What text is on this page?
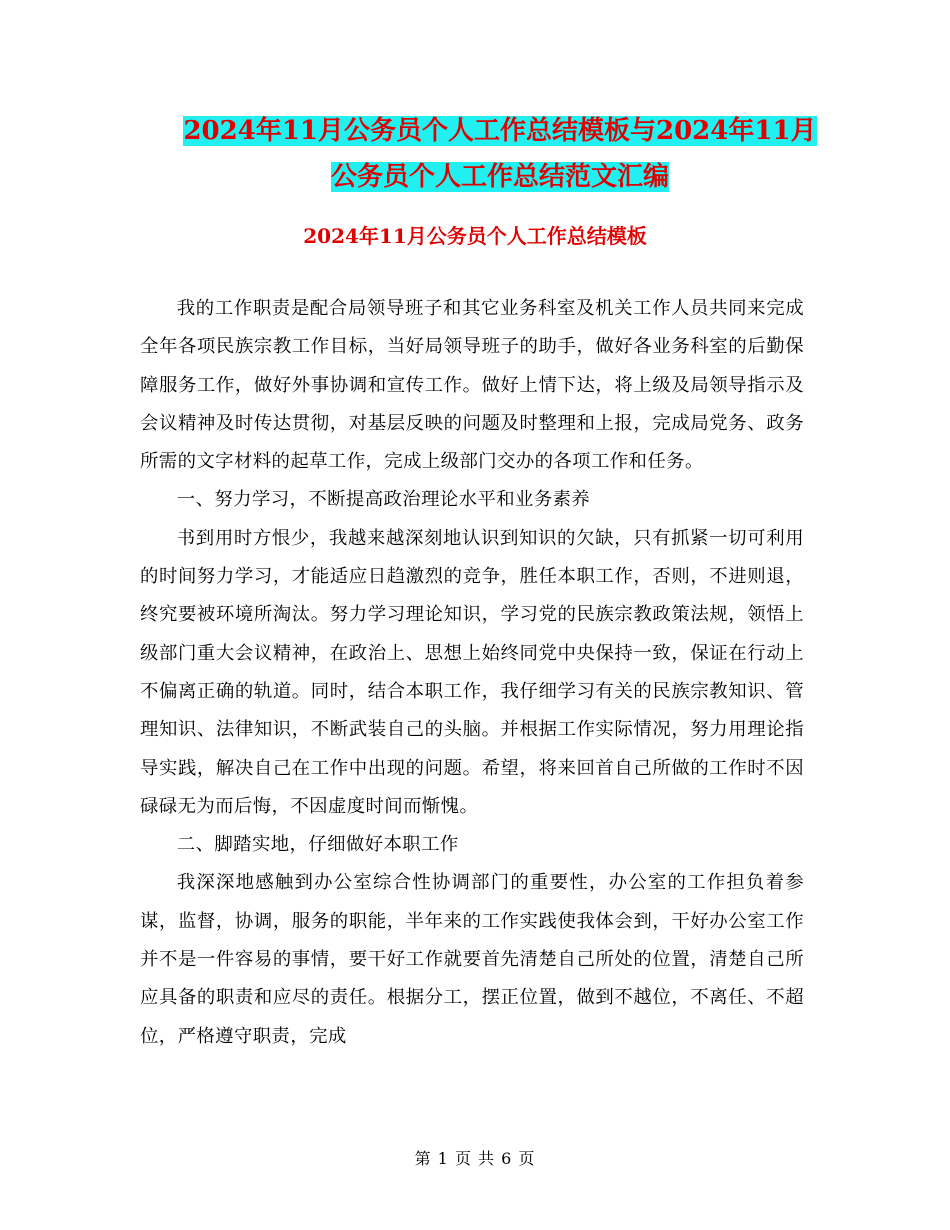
2024年11月公务员个人工作总结模板与2024年11月
公务员个人工作总结范文汇编
2024年11月公务员个人工作总结模板

我的工作职责是配合局领导班子和其它业务科室及机关工作人员共同来完成全年各项民族宗教工作目标，当好局领导班子的助手，做好各业务科室的后勤保障服务工作，做好外事协调和宣传工作。做好上情下达，将上级及局领导指示及会议精神及时传达贯彻，对基层反映的问题及时整理和上报，完成局党务、政务所需的文字材料的起草工作，完成上级部门交办的各项工作和任务。

一、努力学习，不断提高政治理论水平和业务素养

书到用时方恨少，我越来越深刻地认识到知识的欠缺，只有抓紧一切可利用的时间努力学习，才能适应日趋激烈的竞争，胜任本职工作，否则，不进则退，终究要被环境所淘汰。努力学习理论知识，学习党的民族宗教政策法规，领悟上级部门重大会议精神，在政治上、思想上始终同党中央保持一致，保证在行动上不偏离正确的轨道。同时，结合本职工作，我仔细学习有关的民族宗教知识、管理知识、法律知识，不断武装自己的头脑。并根据工作实际情况，努力用理论指导实践，解决自己在工作中出现的问题。希望，将来回首自己所做的工作时不因碌碌无为而后悔，不因虚度时间而惭愧。

二、脚踏实地，仔细做好本职工作

我深深地感触到办公室综合性协调部门的重要性，办公室的工作担负着参谋，监督，协调，服务的职能，半年来的工作实践使我体会到，干好办公室工作并不是一件容易的事情，要干好工作就要首先清楚自己所处的位置，清楚自己所应具备的职责和应尽的责任。根据分工，摆正位置，做到不越位，不离任、不超位，严格遵守职责，完成

第 1 页 共 6 页
